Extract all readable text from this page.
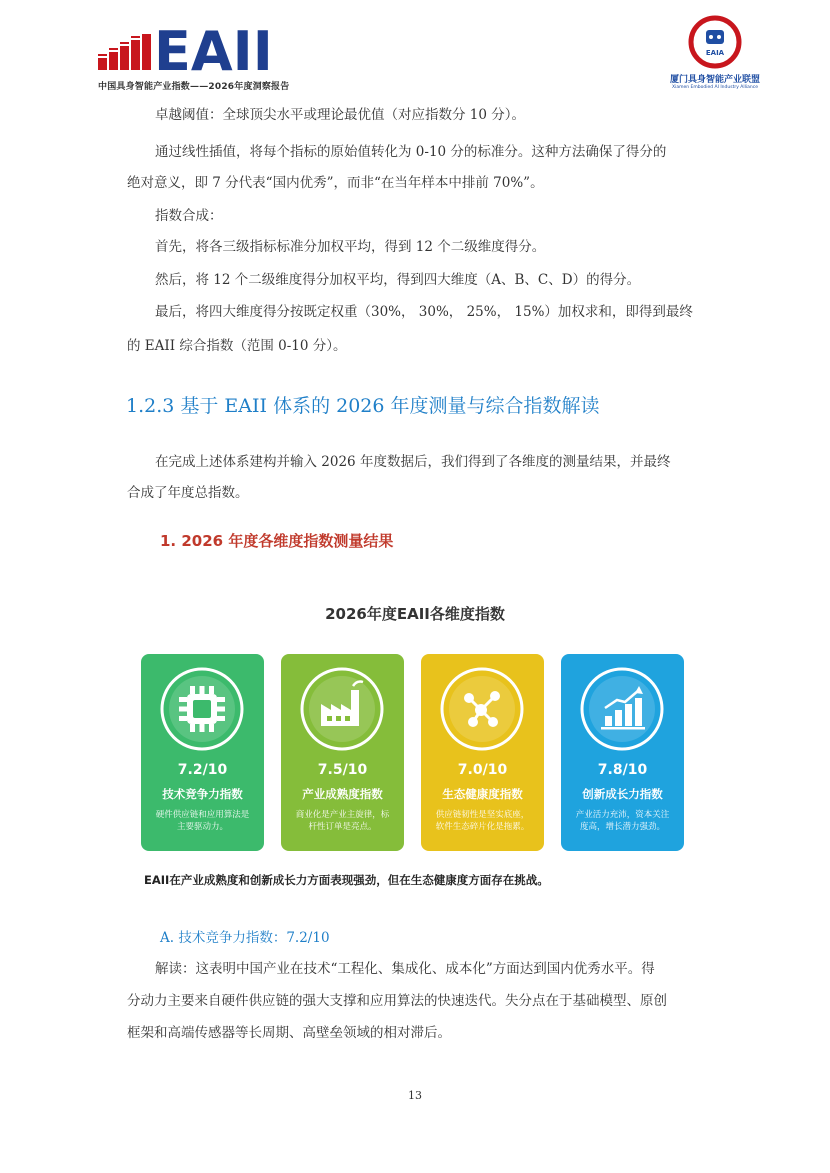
EAII
中国具身智能产业指数——2026年度洞察报告
EAIA
厦门具身智能产业联盟
Xiamen Embodied AI Industry Alliance
卓越阈值：全球顶尖水平或理论最优值（对应指数分 10 分）。
通过线性插值，将每个指标的原始值转化为 0-10 分的标准分。这种方法确保了得分的
绝对意义，即 7 分代表“国内优秀”，而非“在当年样本中排前 70%”。
指数合成：
首先，将各三级指标标准分加权平均，得到 12 个二级维度得分。
然后，将 12 个二级维度得分加权平均，得到四大维度（A、B、C、D）的得分。
最后，将四大维度得分按既定权重（30%， 30%， 25%， 15%）加权求和，即得到最终
的 EAII 综合指数（范围 0-10 分）。
1.2.3 基于 EAII 体系的 2026 年度测量与综合指数解读
在完成上述体系建构并输入 2026 年度数据后，我们得到了各维度的测量结果，并最终
合成了年度总指数。
1. 2026 年度各维度指数测量结果
2026年度EAII各维度指数
7.2/10
技术竞争力指数
硬件供应链和应用算法是主要驱动力。
7.5/10
产业成熟度指数
商业化是产业主旋律，标杆性订单是亮点。
7.0/10
生态健康度指数
供应链韧性是坚实底座，软件生态碎片化是拖累。
7.8/10
创新成长力指数
产业活力充沛，资本关注度高，增长潜力强劲。
EAII在产业成熟度和创新成长力方面表现强劲，但在生态健康度方面存在挑战。
A. 技术竞争力指数：7.2/10
解读：这表明中国产业在技术“工程化、集成化、成本化”方面达到国内优秀水平。得
分动力主要来自硬件供应链的强大支撑和应用算法的快速迭代。失分点在于基础模型、原创
框架和高端传感器等长周期、高壁垒领域的相对滞后。
13
